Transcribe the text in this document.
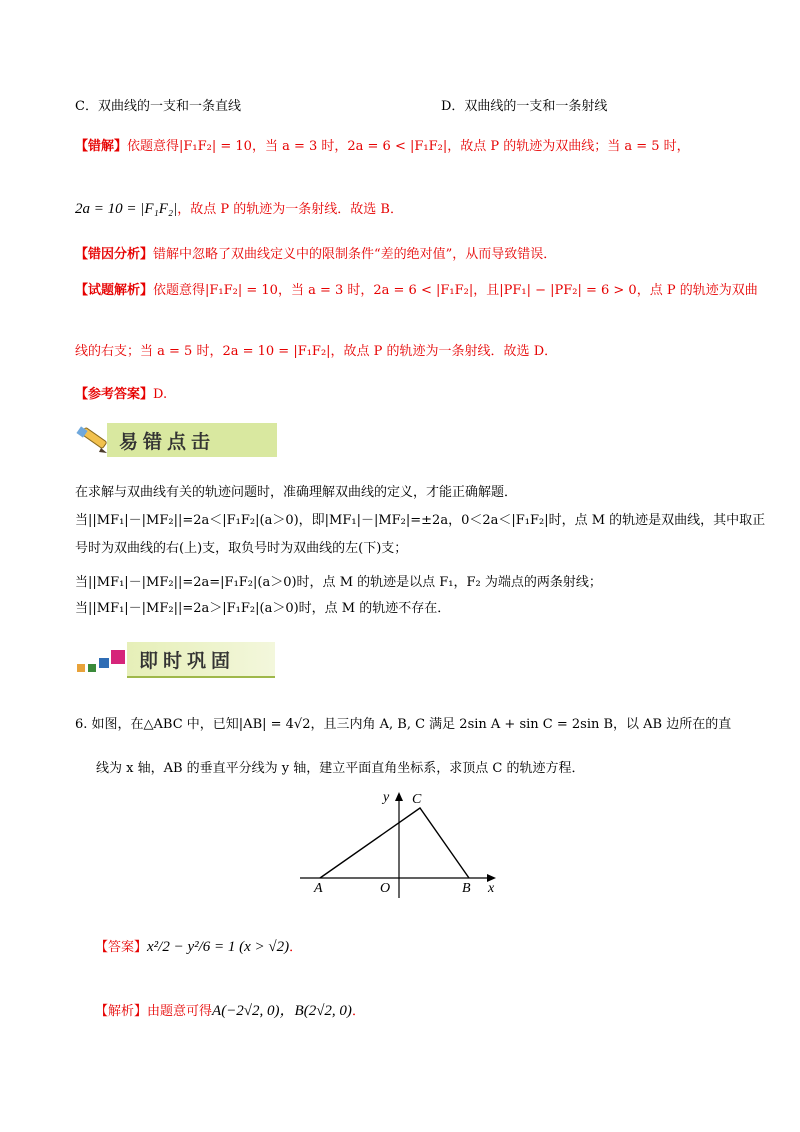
C．双曲线的一支和一条直线	D．双曲线的一支和一条射线
【错解】依题意得|F₁F₂| = 10，当 a = 3 时，2a = 6 < |F₁F₂|，故点 P 的轨迹为双曲线；当 a = 5 时，
2a = 10 = |F₁F₂|，故点 P 的轨迹为一条射线．故选 B．
【错因分析】错解中忽略了双曲线定义中的限制条件“差的绝对值”，从而导致错误．
【试题解析】依题意得|F₁F₂| = 10，当 a = 3 时，2a = 6 < |F₁F₂|，且|PF₁| − |PF₂| = 6 > 0，点 P 的轨迹为双曲
线的右支；当 a = 5 时，2a = 10 = |F₁F₂|，故点 P 的轨迹为一条射线．故选 D．
【参考答案】D.
易错点击
在求解与双曲线有关的轨迹问题时，准确理解双曲线的定义，才能正确解题．
当||MF₁|－|MF₂||=2a＜|F₁F₂|(a＞0)，即|MF₁|－|MF₂|=±2a，0＜2a＜|F₁F₂|时，点 M 的轨迹是双曲线，其中取正
号时为双曲线的右(上)支，取负号时为双曲线的左(下)支；
当||MF₁|－|MF₂||=2a=|F₁F₂|(a＞0)时，点 M 的轨迹是以点 F₁，F₂ 为端点的两条射线；
当||MF₁|－|MF₂||=2a＞|F₁F₂|(a＞0)时，点 M 的轨迹不存在．
即时巩固
6. 如图，在△ABC 中，已知|AB| = 4√2，且三内角 A, B, C 满足 2sin A + sin C = 2sin B，以 AB 边所在的直
线为 x 轴，AB 的垂直平分线为 y 轴，建立平面直角坐标系，求顶点 C 的轨迹方程．
y C
A	O	B x
【答案】x²/2 − y²/6 = 1 (x > √2)．
【解析】由题意可得A(−2√2, 0)，B(2√2, 0)．
